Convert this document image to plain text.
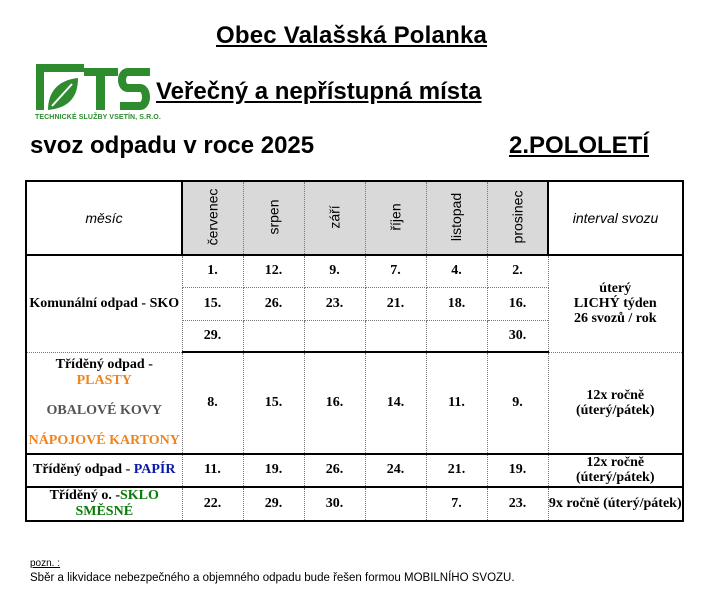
Obec Valašská Polanka
TECHNICKÉ SLUŽBY VSETÍN, S.R.O.
Veřečný a nepřístupná místa
svoz odpadu v roce 2025	2.POLOLETÍ
měsíc	červenec	srpen	září	říjen	listopad	prosinec	interval svozu
Komunální odpad - SKO	1.	12.	9.	7.	4.	2.	úterý
LICHÝ týden
26 svozů / rok

	15.	26.	23.	21.	18.	16.	
	29.					30.	

Tříděný odpad - PLASTY
OBALOVÉ KOVY
NÁPOJOVÉ KARTONY	8.	15.	16.	14.	11.	9.	12x ročně
(úterý/pátek)

Tříděný odpad - PAPÍR	11.	19.	26.	24.	21.	19.	12x ročně (úterý/pátek)
Tříděný o. -SKLO SMĚSNÉ	22.	29.	30.		7.	23.	9x ročně (úterý/pátek)
pozn. :
Sběr a likvidace nebezpečného a objemného odpadu bude řešen formou MOBILNÍHO SVOZU.
